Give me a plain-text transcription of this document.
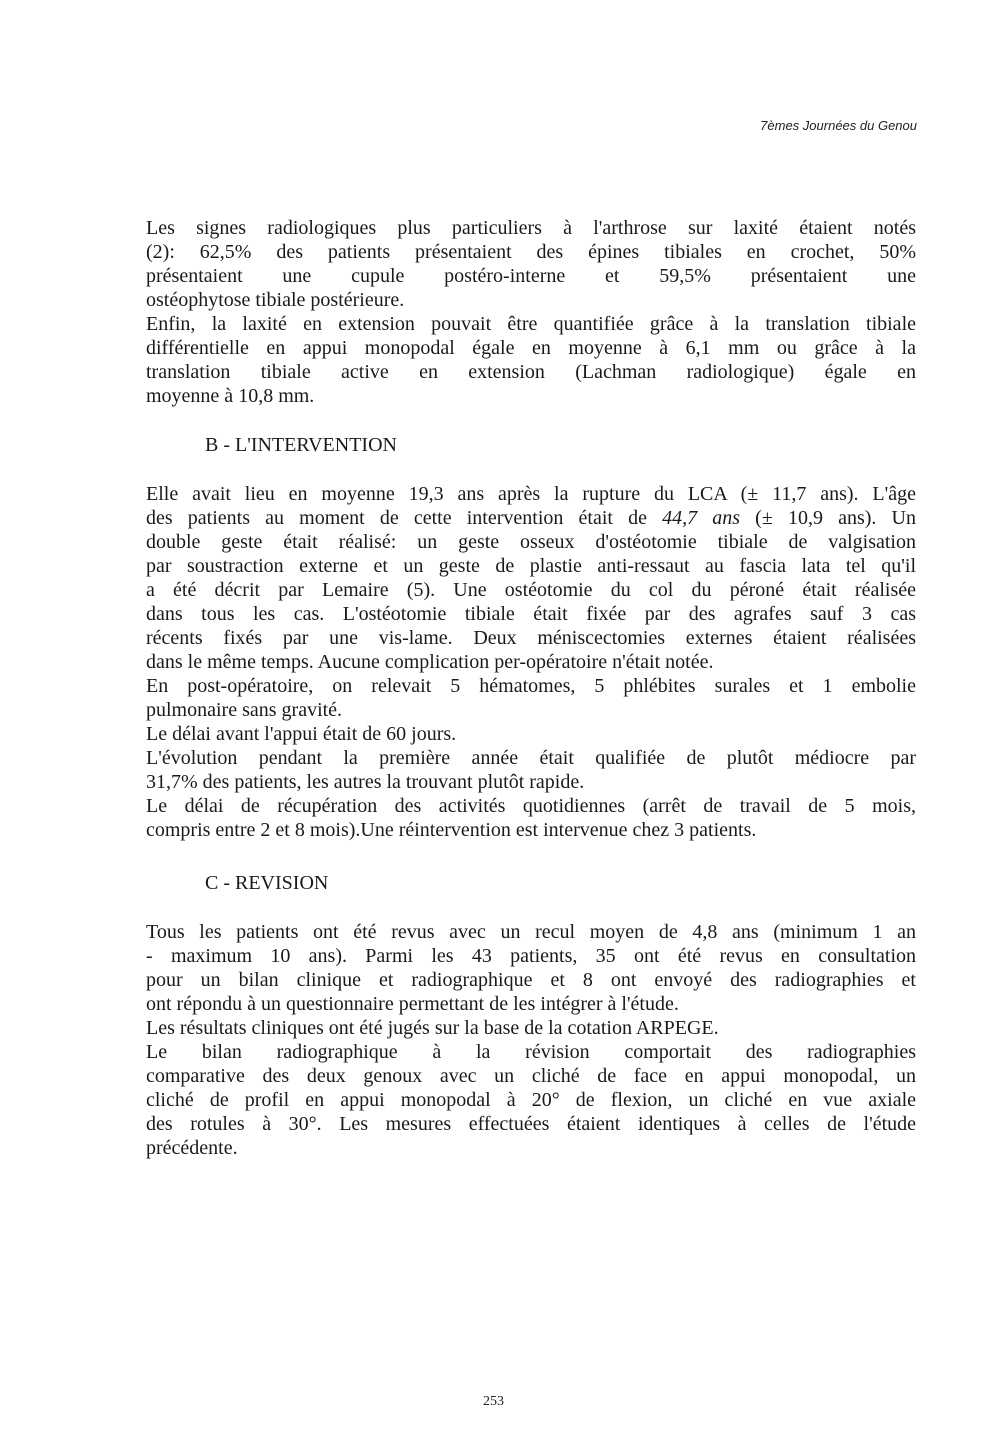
7èmes Journées du Genou
Les signes radiologiques plus particuliers à l'arthrose sur laxité étaient notés
(2): 62,5% des patients présentaient des épines tibiales en crochet, 50%
présentaient une cupule postéro-interne et 59,5% présentaient une
ostéophytose tibiale postérieure.
Enfin, la laxité en extension pouvait être quantifiée grâce à la translation tibiale
différentielle en appui monopodal égale en moyenne à 6,1 mm ou grâce à la
translation tibiale active en extension (Lachman radiologique) égale en
moyenne à 10,8 mm.
B - L'INTERVENTION
Elle avait lieu en moyenne 19,3 ans après la rupture du LCA (± 11,7 ans). L'âge
des patients au moment de cette intervention était de 44,7 ans (± 10,9 ans). Un
double geste était réalisé: un geste osseux d'ostéotomie tibiale de valgisation
par soustraction externe et un geste de plastie anti-ressaut au fascia lata tel qu'il
a été décrit par Lemaire (5). Une ostéotomie du col du péroné était réalisée
dans tous les cas. L'ostéotomie tibiale était fixée par des agrafes sauf 3 cas
récents fixés par une vis-lame. Deux méniscectomies externes étaient réalisées
dans le même temps. Aucune complication per-opératoire n'était notée.
En post-opératoire, on relevait 5 hématomes, 5 phlébites surales et 1 embolie
pulmonaire sans gravité.
Le délai avant l'appui était de 60 jours.
L'évolution pendant la première année était qualifiée de plutôt médiocre par
31,7% des patients, les autres la trouvant plutôt rapide.
Le délai de récupération des activités quotidiennes (arrêt de travail de 5 mois,
compris entre 2 et 8 mois).Une réintervention est intervenue chez 3 patients.
C - REVISION
Tous les patients ont été revus avec un recul moyen de 4,8 ans (minimum 1 an
- maximum 10 ans). Parmi les 43 patients, 35 ont été revus en consultation
pour un bilan clinique et radiographique et 8 ont envoyé des radiographies et
ont répondu à un questionnaire permettant de les intégrer à l'étude.
Les résultats cliniques ont été jugés sur la base de la cotation ARPEGE.
Le bilan radiographique à la révision comportait des radiographies
comparative des deux genoux avec un cliché de face en appui monopodal, un
cliché de profil en appui monopodal à 20° de flexion, un cliché en vue axiale
des rotules à 30°. Les mesures effectuées étaient identiques à celles de l'étude
précédente.
253
